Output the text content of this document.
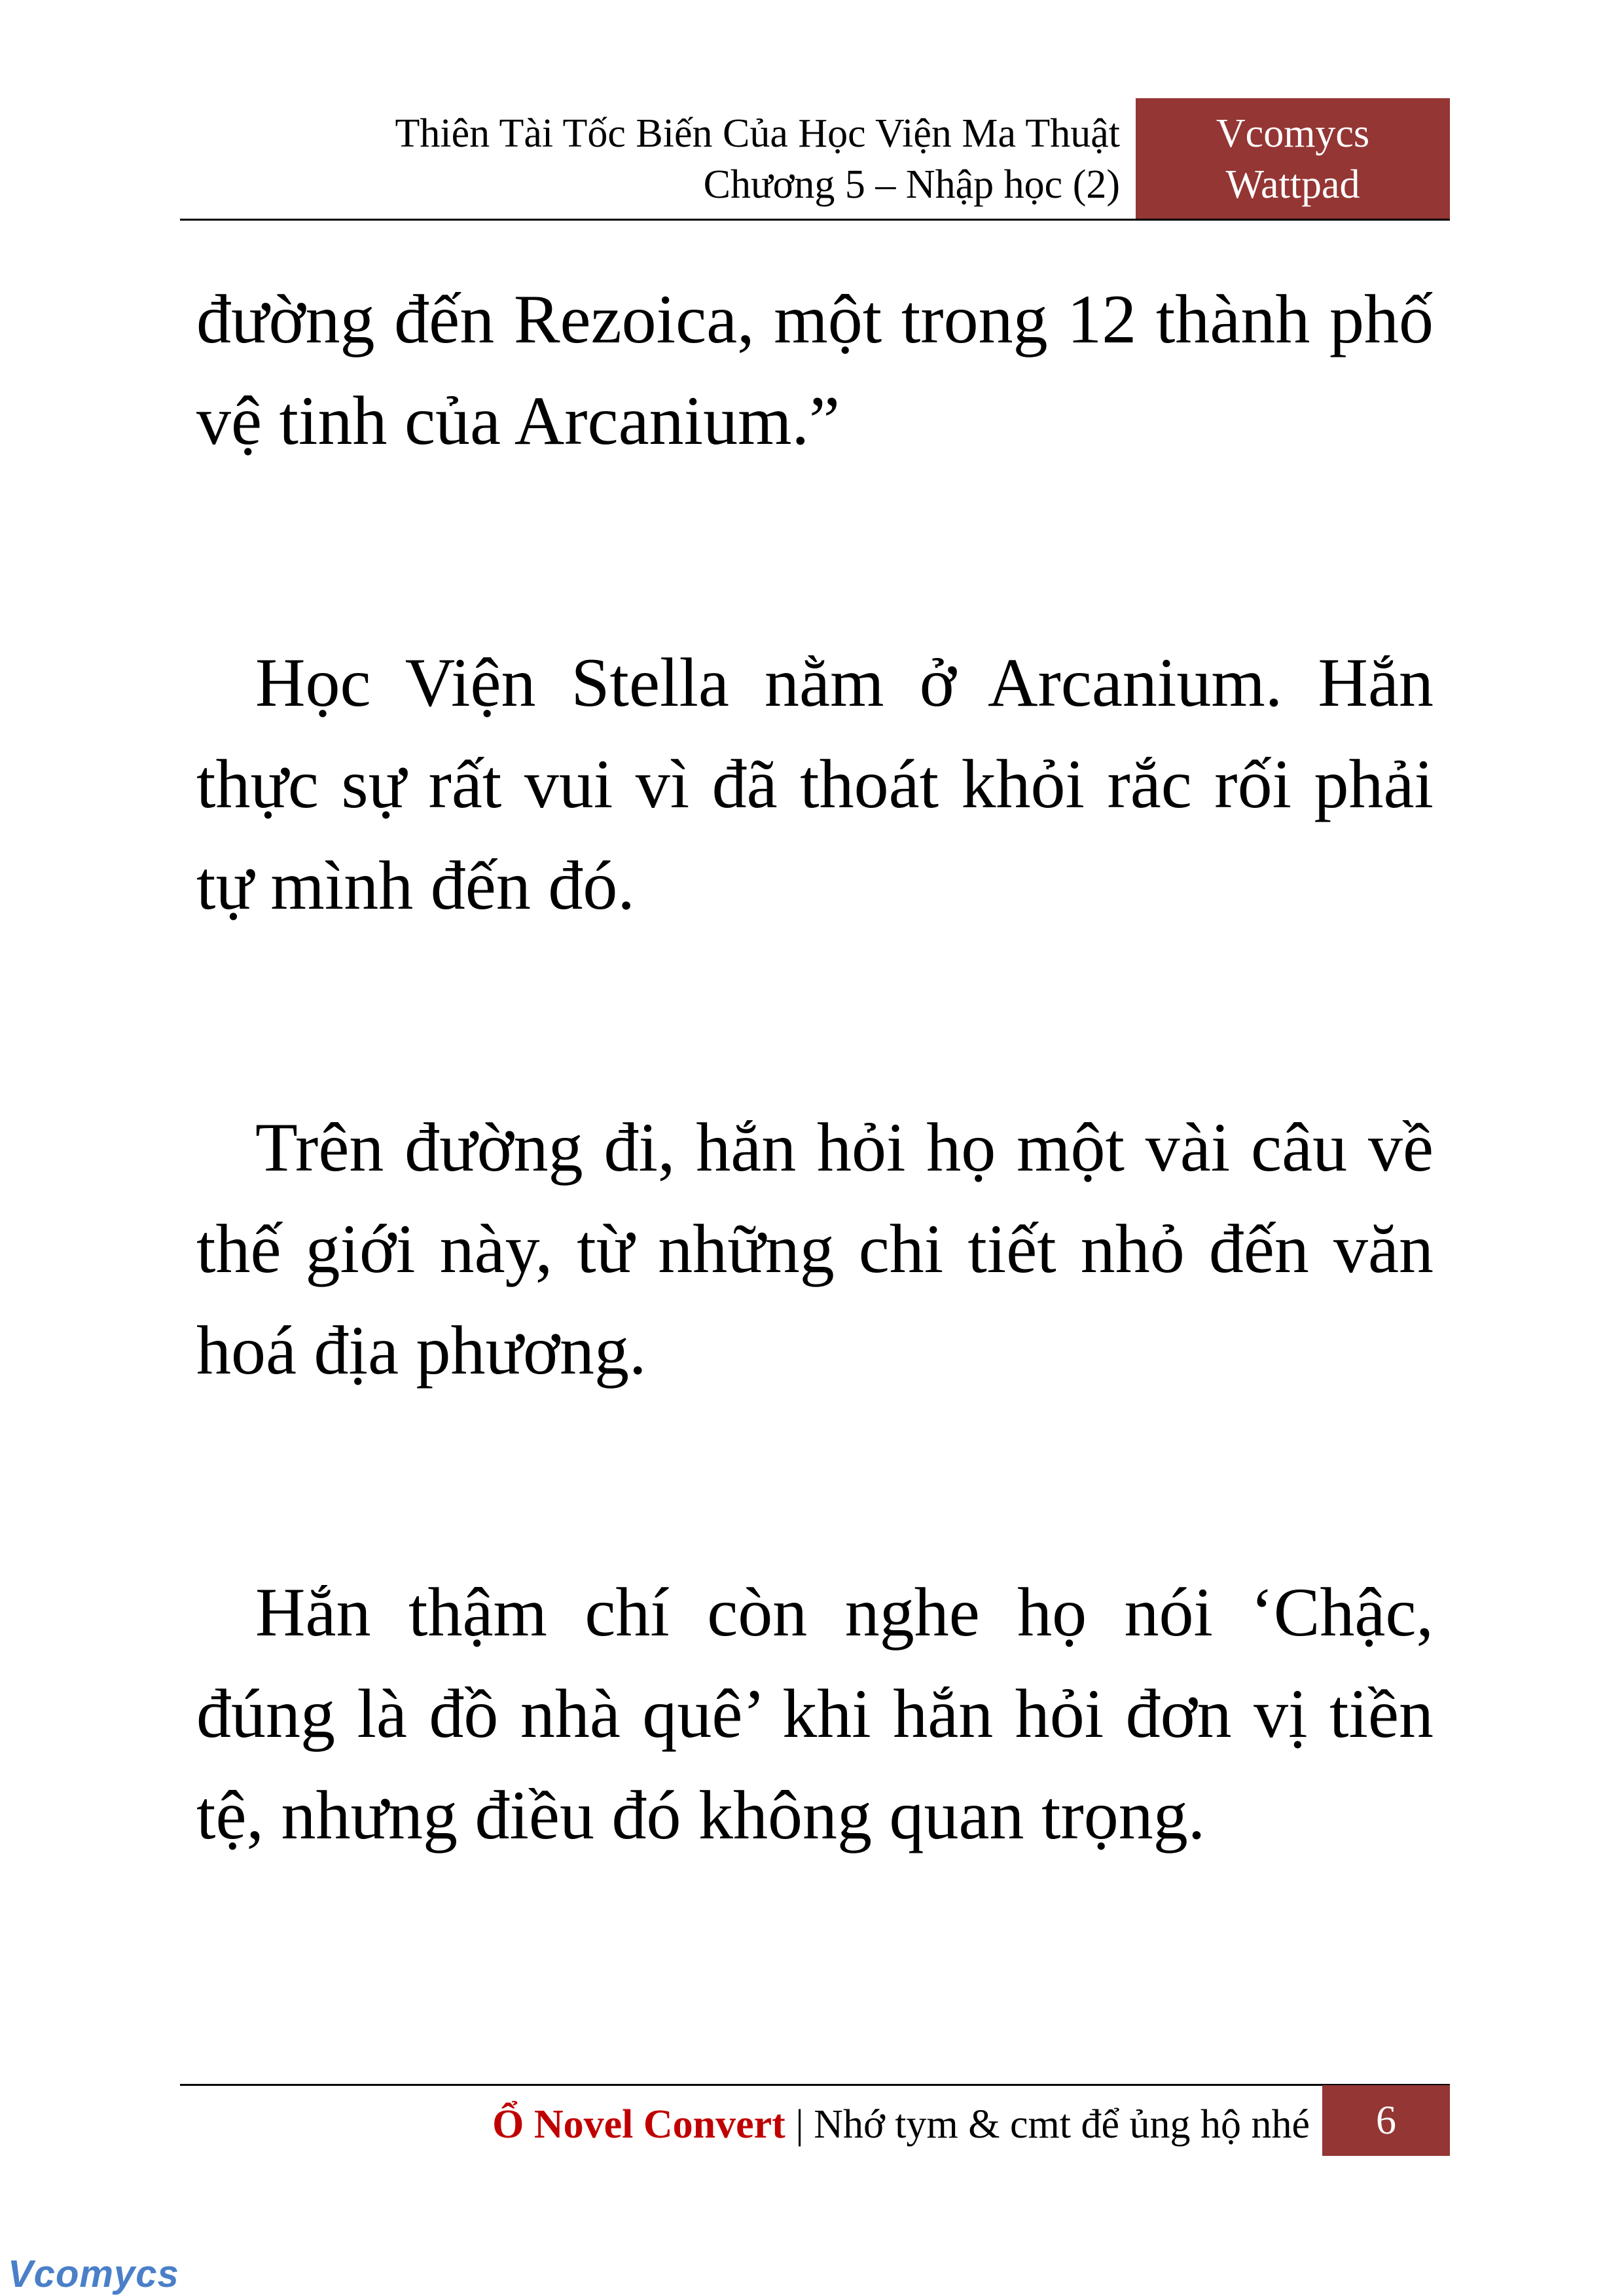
Thiên Tài Tốc Biến Của Học Viện Ma Thuật
Chương 5 – Nhập học (2)
Vcomycs
Wattpad

đường đến Rezoica, một trong 12 thành phố vệ tinh của Arcanium.”

Học Viện Stella nằm ở Arcanium. Hắn thực sự rất vui vì đã thoát khỏi rắc rối phải tự mình đến đó.

Trên đường đi, hắn hỏi họ một vài câu về thế giới này, từ những chi tiết nhỏ đến văn hoá địa phương.

Hắn thậm chí còn nghe họ nói ‘Chậc, đúng là đồ nhà quê’ khi hắn hỏi đơn vị tiền tệ, nhưng điều đó không quan trọng.

Ổ Novel Convert | Nhớ tym & cmt để ủng hộ nhé	6
Vcomycs
